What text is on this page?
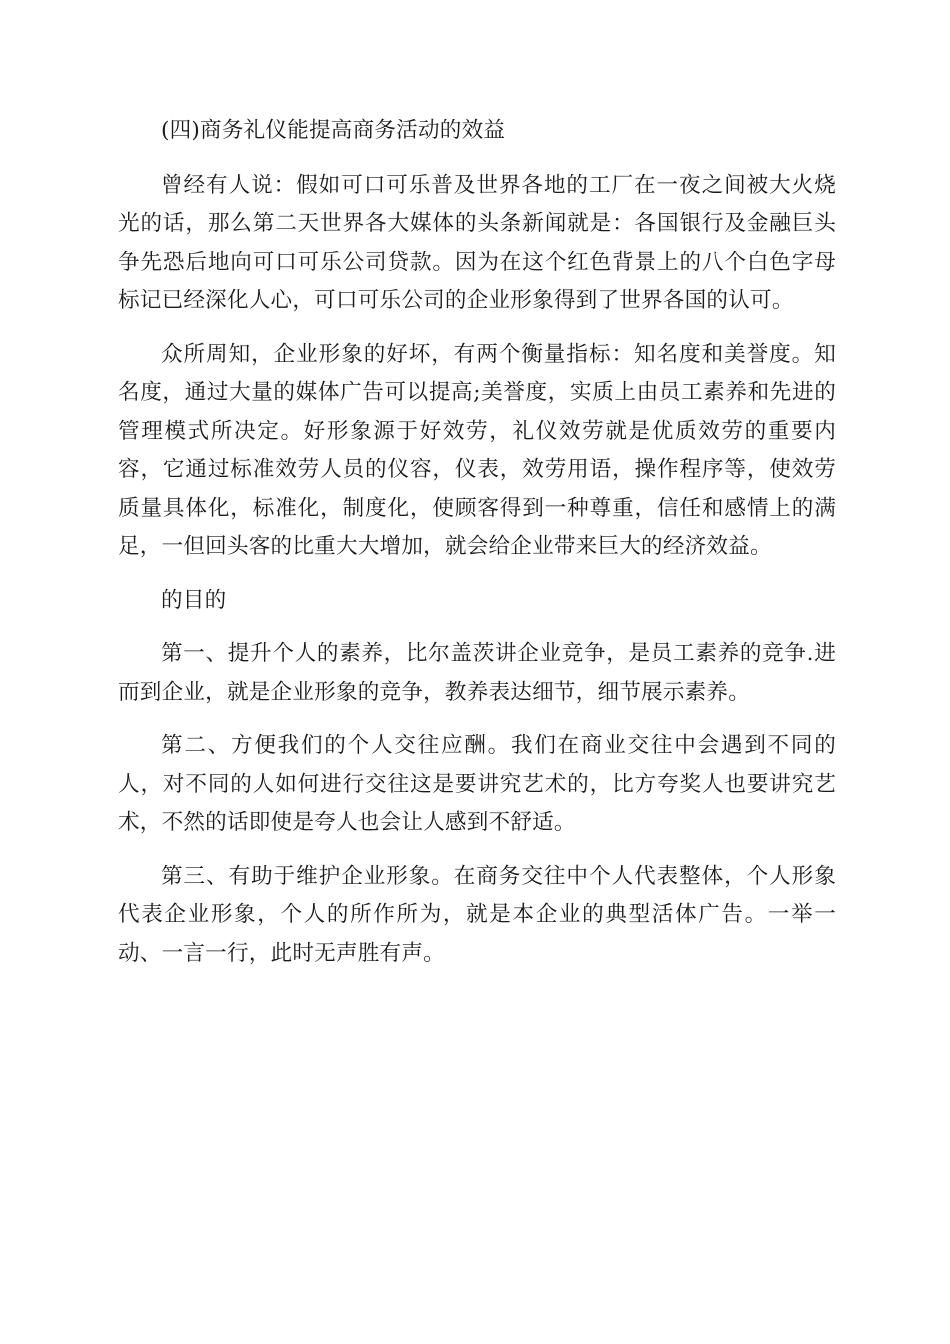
(四)商务礼仪能提高商务活动的效益

曾经有人说：假如可口可乐普及世界各地的工厂在一夜之间被大火烧光的话，那么第二天世界各大媒体的头条新闻就是：各国银行及金融巨头争先恐后地向可口可乐公司贷款。因为在这个红色背景上的八个白色字母标记已经深化人心，可口可乐公司的企业形象得到了世界各国的认可。

众所周知，企业形象的好坏，有两个衡量指标：知名度和美誉度。知名度，通过大量的媒体广告可以提高;美誉度，实质上由员工素养和先进的管理模式所决定。好形象源于好效劳，礼仪效劳就是优质效劳的重要内容，它通过标准效劳人员的仪容，仪表，效劳用语，操作程序等，使效劳质量具体化，标准化，制度化，使顾客得到一种尊重，信任和感情上的满足，一但回头客的比重大大增加，就会给企业带来巨大的经济效益。

的目的

第一、提升个人的素养，比尔盖茨讲企业竞争，是员工素养的竞争.进而到企业，就是企业形象的竞争，教养表达细节，细节展示素养。

第二、方便我们的个人交往应酬。我们在商业交往中会遇到不同的人，对不同的人如何进行交往这是要讲究艺术的，比方夸奖人也要讲究艺术，不然的话即使是夸人也会让人感到不舒适。

第三、有助于维护企业形象。在商务交往中个人代表整体，个人形象代表企业形象，个人的所作所为，就是本企业的典型活体广告。一举一动、一言一行，此时无声胜有声。
